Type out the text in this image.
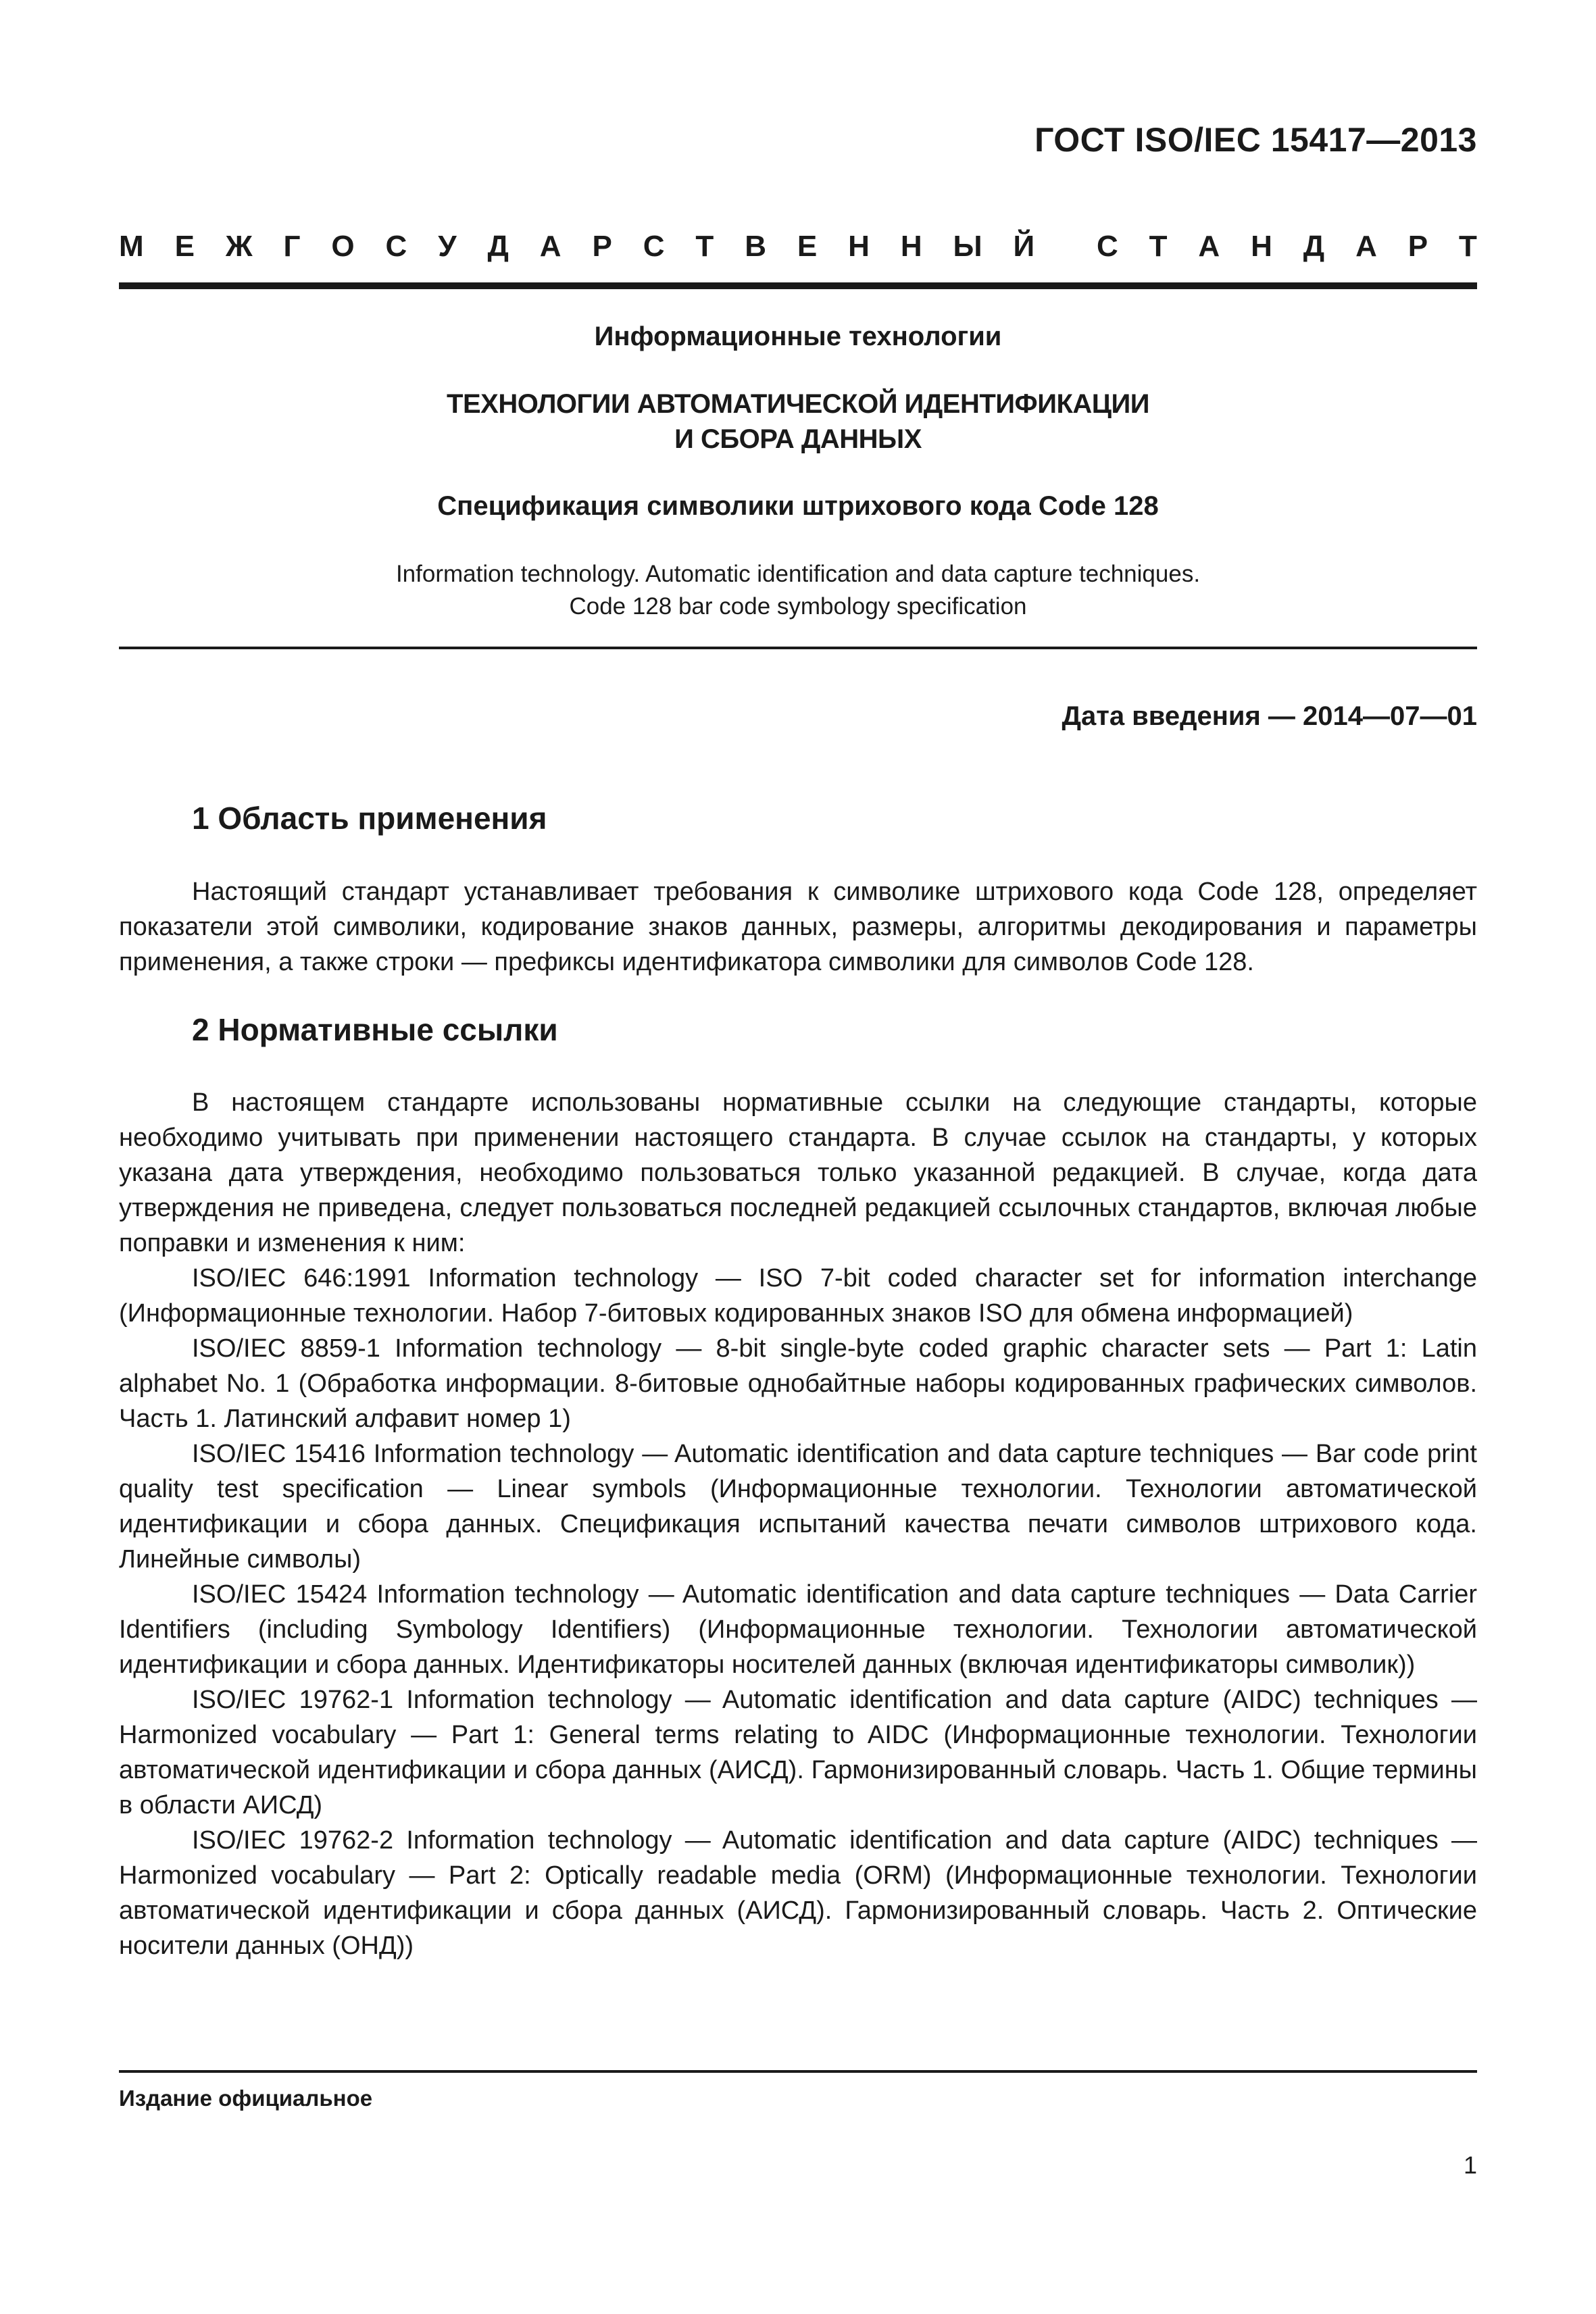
ГОСТ ISO/IEC 15417—2013
М Е Ж Г О С У Д А Р С Т В Е Н Н Ы Й С Т А Н Д А Р Т
Информационные технологии
ТЕХНОЛОГИИ АВТОМАТИЧЕСКОЙ ИДЕНТИФИКАЦИИ
И СБОРА ДАННЫХ
Спецификация символики штрихового кода Code 128
Information technology. Automatic identification and data capture techniques.
Code 128 bar code symbology specification
Дата введения — 2014—07—01
1 Область применения

Настоящий стандарт устанавливает требования к символике штрихового кода Code 128, определяет показатели этой символики, кодирование знаков данных, размеры, алгоритмы декодирования и параметры применения, а также строки — префиксы идентификатора символики для символов Code 128.

2 Нормативные ссылки

В настоящем стандарте использованы нормативные ссылки на следующие стандарты, которые необходимо учитывать при применении настоящего стандарта. В случае ссылок на стандарты, у которых указана дата утверждения, необходимо пользоваться только указанной редакцией. В случае, когда дата утверждения не приведена, следует пользоваться последней редакцией ссылочных стандартов, включая любые поправки и изменения к ним:

ISO/IEC 646:1991 Information technology — ISO 7-bit coded character set for information interchange (Информационные технологии. Набор 7-битовых кодированных знаков ISO для обмена информацией)

ISO/IEC 8859-1 Information technology — 8-bit single-byte coded graphic character sets — Part 1: Latin alphabet No. 1 (Обработка информации. 8-битовые однобайтные наборы кодированных графических символов. Часть 1. Латинский алфавит номер 1)

ISO/IEC 15416 Information technology — Automatic identification and data capture techniques — Bar code print quality test specification — Linear symbols (Информационные технологии. Технологии автоматической идентификации и сбора данных. Спецификация испытаний качества печати символов штрихового кода. Линейные символы)

ISO/IEC 15424 Information technology — Automatic identification and data capture techniques — Data Carrier Identifiers (including Symbology Identifiers) (Информационные технологии. Технологии автоматической идентификации и сбора данных. Идентификаторы носителей данных (включая идентификаторы символик))

ISO/IEC 19762-1 Information technology — Automatic identification and data capture (AIDC) techniques — Harmonized vocabulary — Part 1: General terms relating to AIDC (Информационные технологии. Технологии автоматической идентификации и сбора данных (АИСД). Гармонизированный словарь. Часть 1. Общие термины в области АИСД)

ISO/IEC 19762-2 Information technology — Automatic identification and data capture (AIDC) techniques — Harmonized vocabulary — Part 2: Optically readable media (ORM) (Информационные технологии. Технологии автоматической идентификации и сбора данных (АИСД). Гармонизированный словарь. Часть 2. Оптические носители данных (ОНД))

Издание официальное
1
